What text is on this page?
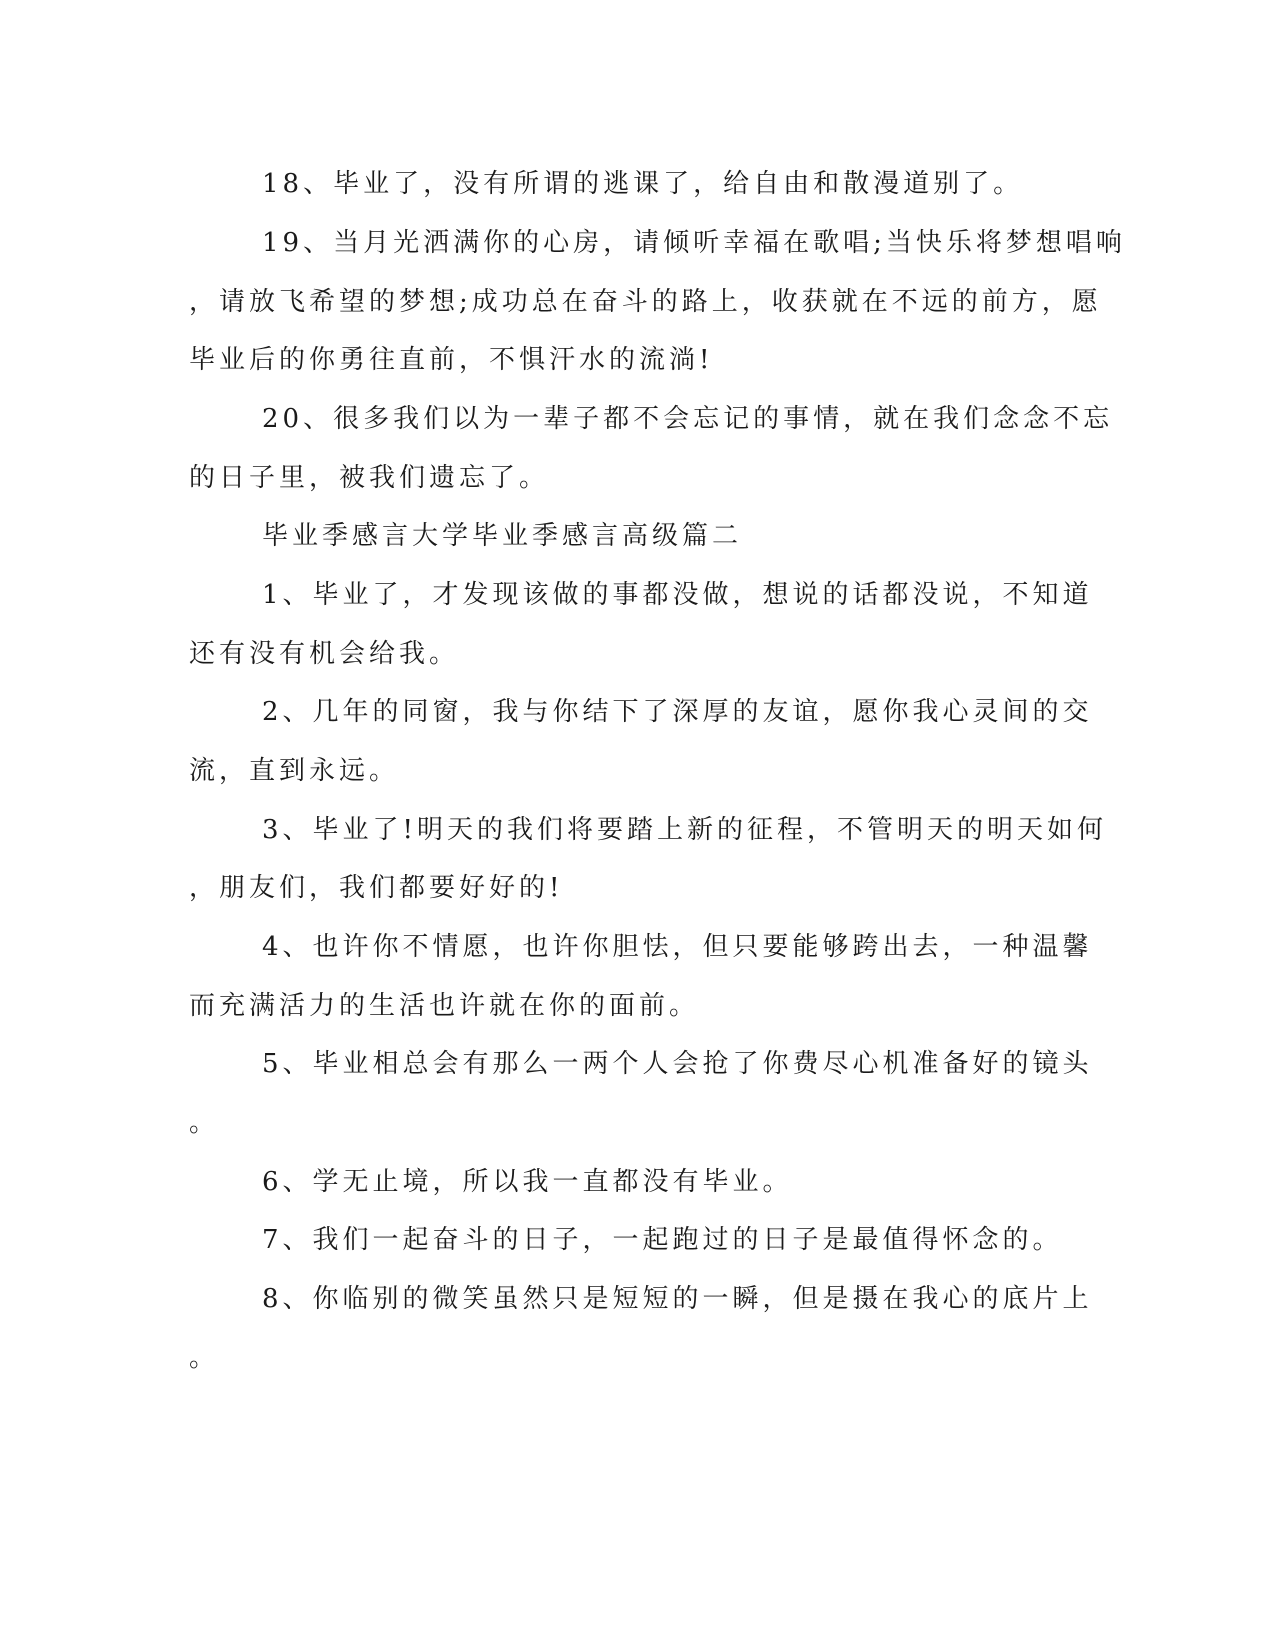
18、毕业了，没有所谓的逃课了，给自由和散漫道别了。
19、当月光洒满你的心房，请倾听幸福在歌唱;当快乐将梦想唱响
，请放飞希望的梦想;成功总在奋斗的路上，收获就在不远的前方，愿
毕业后的你勇往直前，不惧汗水的流淌!
20、很多我们以为一辈子都不会忘记的事情，就在我们念念不忘
的日子里，被我们遗忘了。
毕业季感言大学毕业季感言高级篇二
1、毕业了，才发现该做的事都没做，想说的话都没说，不知道
还有没有机会给我。
2、几年的同窗，我与你结下了深厚的友谊，愿你我心灵间的交
流，直到永远。
3、毕业了!明天的我们将要踏上新的征程，不管明天的明天如何
，朋友们，我们都要好好的!
4、也许你不情愿，也许你胆怯，但只要能够跨出去，一种温馨
而充满活力的生活也许就在你的面前。
5、毕业相总会有那么一两个人会抢了你费尽心机准备好的镜头
。
6、学无止境，所以我一直都没有毕业。
7、我们一起奋斗的日子，一起跑过的日子是最值得怀念的。
8、你临别的微笑虽然只是短短的一瞬，但是摄在我心的底片上
。
